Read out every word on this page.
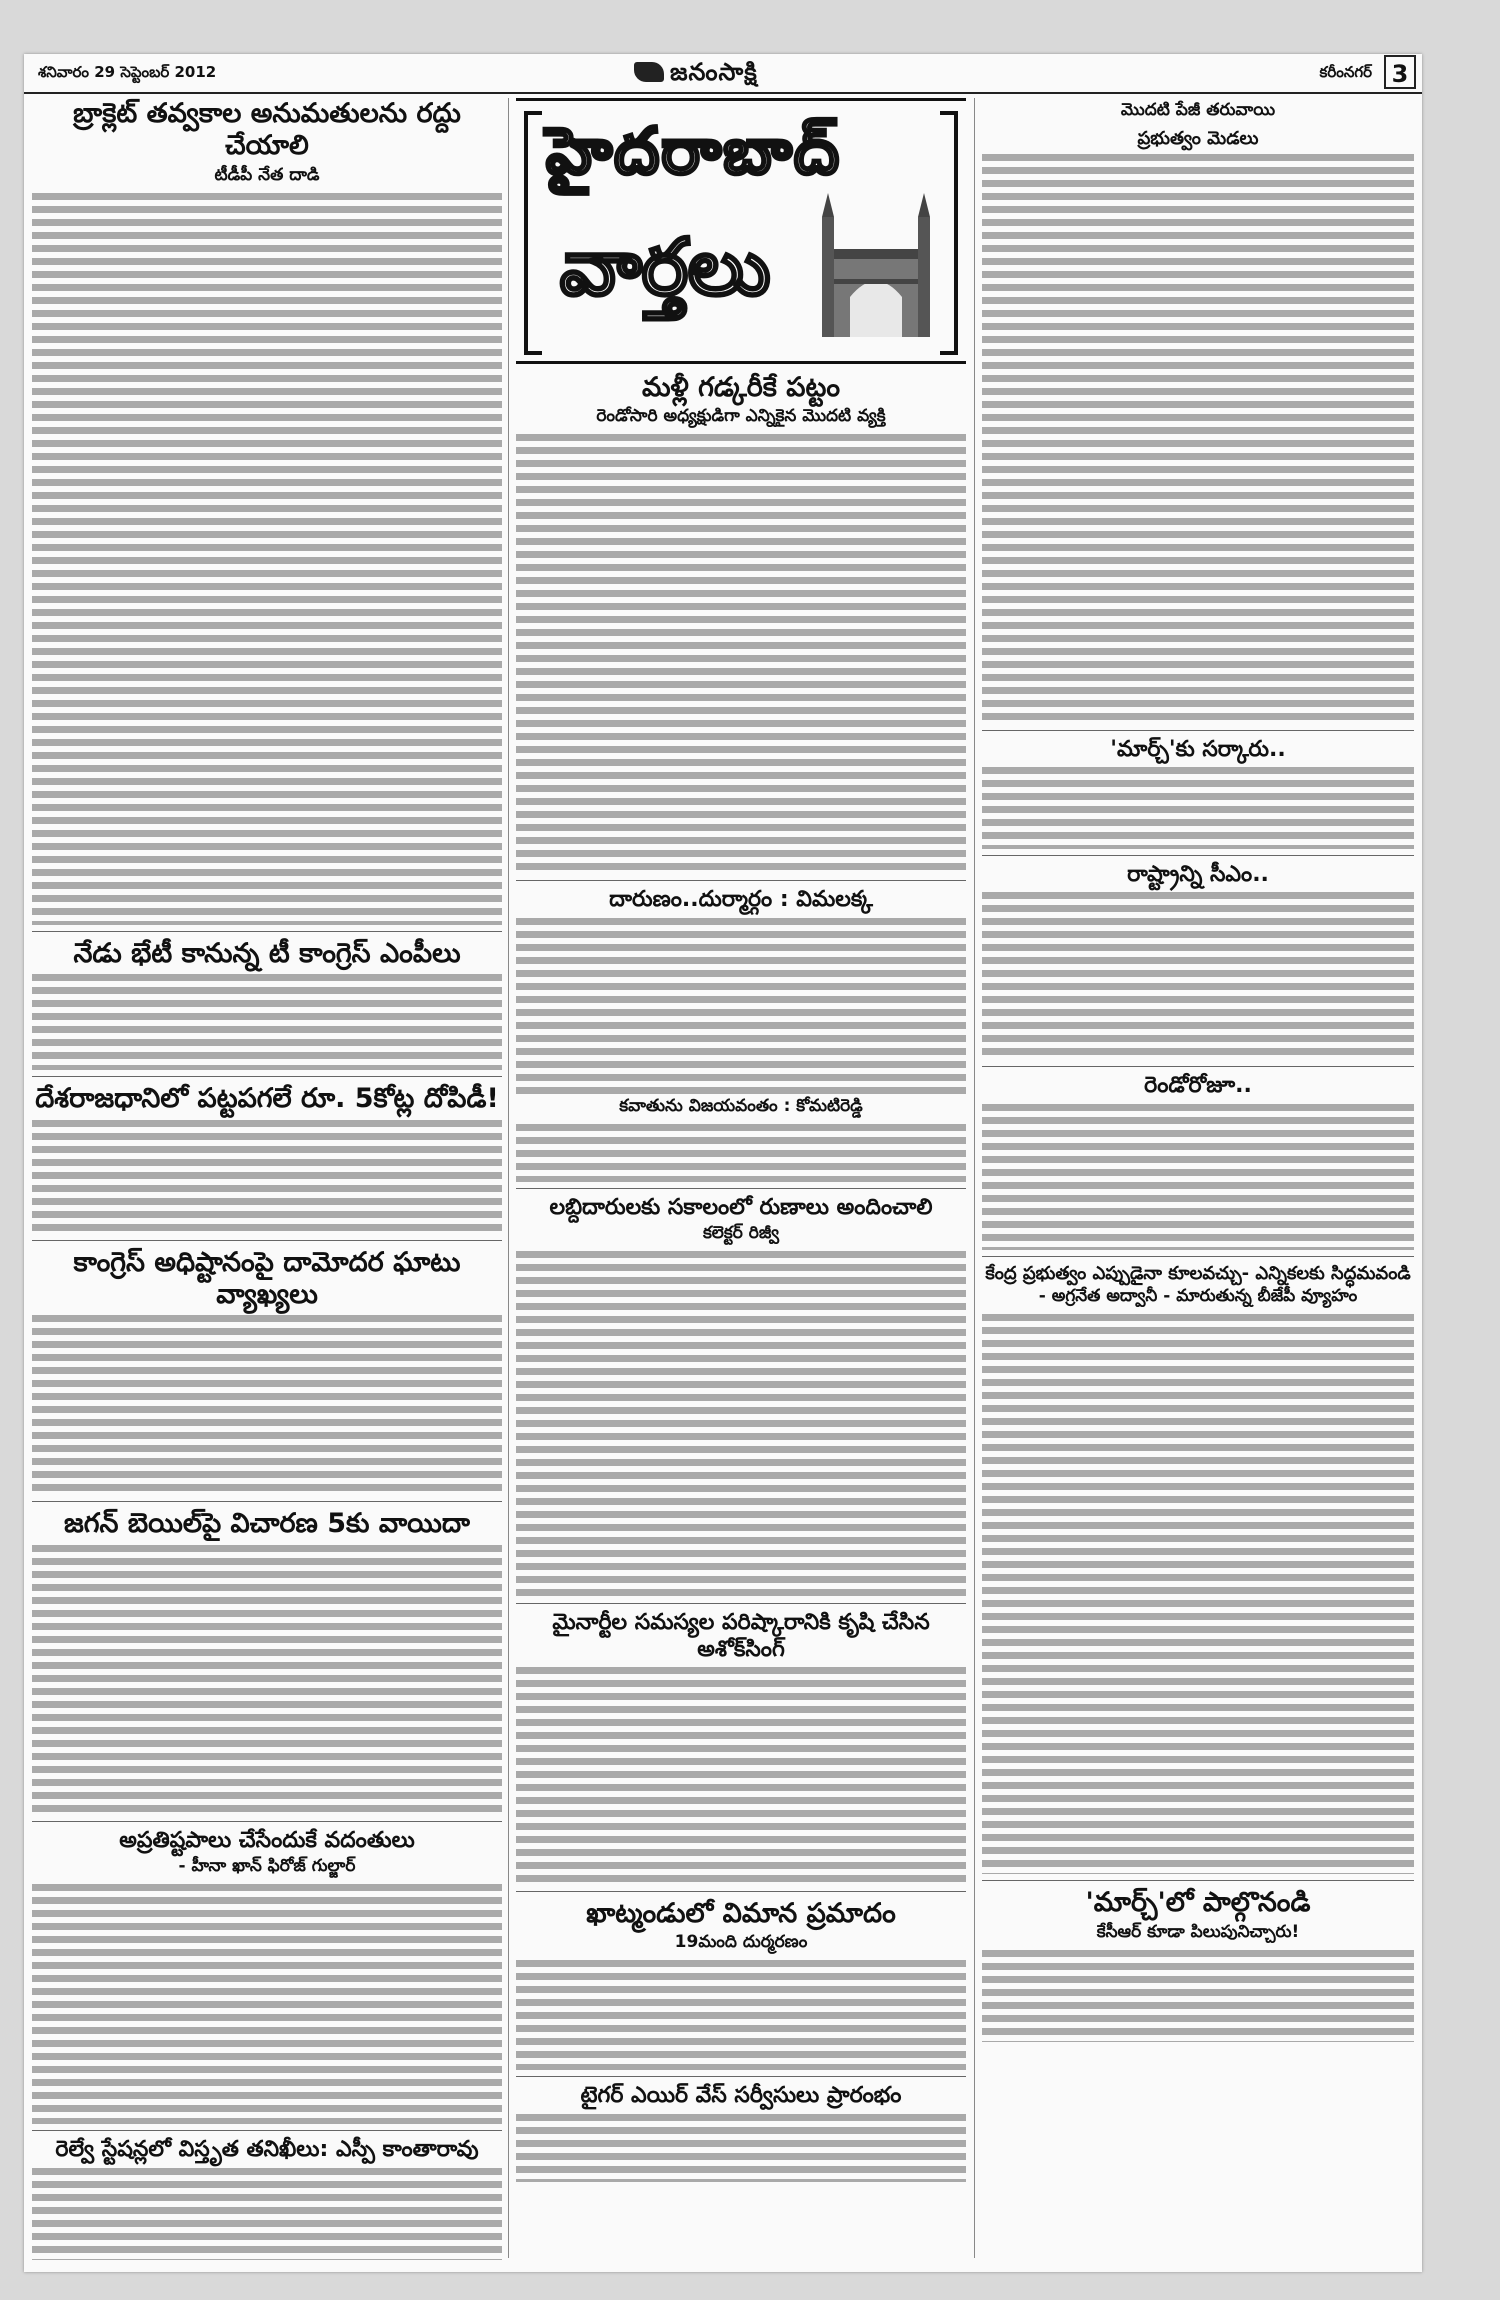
శనివారం 29 సెప్టెంబర్ 2012	జనంసాక్షి	కరీంనగర్ 3
బ్రాక్లెట్ తవ్వకాల అనుమతులను రద్దు చేయాలి
టీడీపీ నేత దాడి
నేడు భేటీ కానున్న టీ కాంగ్రెస్ ఎంపీలు
దేశరాజధానిలో పట్టపగలే రూ. 5కోట్ల దోపిడీ!
కాంగ్రెస్ అధిష్టానంపై దామోదర ఘాటు వ్యాఖ్యలు
జగన్ బెయిల్‌పై విచారణ 5కు వాయిదా
అప్రతిష్టపాలు చేసేందుకే వదంతులు
- హీనా ఖాన్ ఫిరోజ్ గుల్జార్
రెల్వే స్టేషన్లలో విస్తృత తనిఖీలు: ఎస్పీ కాంతారావు
హైదరాబాద్
వార్తలు
మళ్లీ గడ్కరీకే పట్టం
రెండోసారి అధ్యక్షుడిగా ఎన్నికైన మొదటి వ్యక్తి
దారుణం..దుర్మార్గం : విమలక్క
కవాతును విజయవంతం : కోమటిరెడ్డి
లబ్దిదారులకు సకాలంలో రుణాలు అందించాలి
కలెక్టర్ రిజ్వీ
మైనార్టీల సమస్యల పరిష్కారానికి కృషి చేసిన అశోక్‌సింగ్
ఖాట్మండులో విమాన ప్రమాదం
19మంది దుర్మరణం
టైగర్ ఎయిర్ వేస్ సర్వీసులు ప్రారంభం
మొదటి పేజీ తరువాయి
ప్రభుత్వం మెడలు
'మార్చ్'కు సర్కారు..
రాష్ట్రాన్ని సీఎం..
రెండోరోజూ..
కేంద్ర ప్రభుత్వం ఎప్పుడైనా కూలవచ్చు- ఎన్నికలకు సిద్ధమవండి
- అగ్రనేత అద్వానీ - మారుతున్న బీజేపీ వ్యూహం
'మార్చ్'లో పాల్గొనండి
కేసీఆర్ కూడా పిలుపునిచ్చారు!
